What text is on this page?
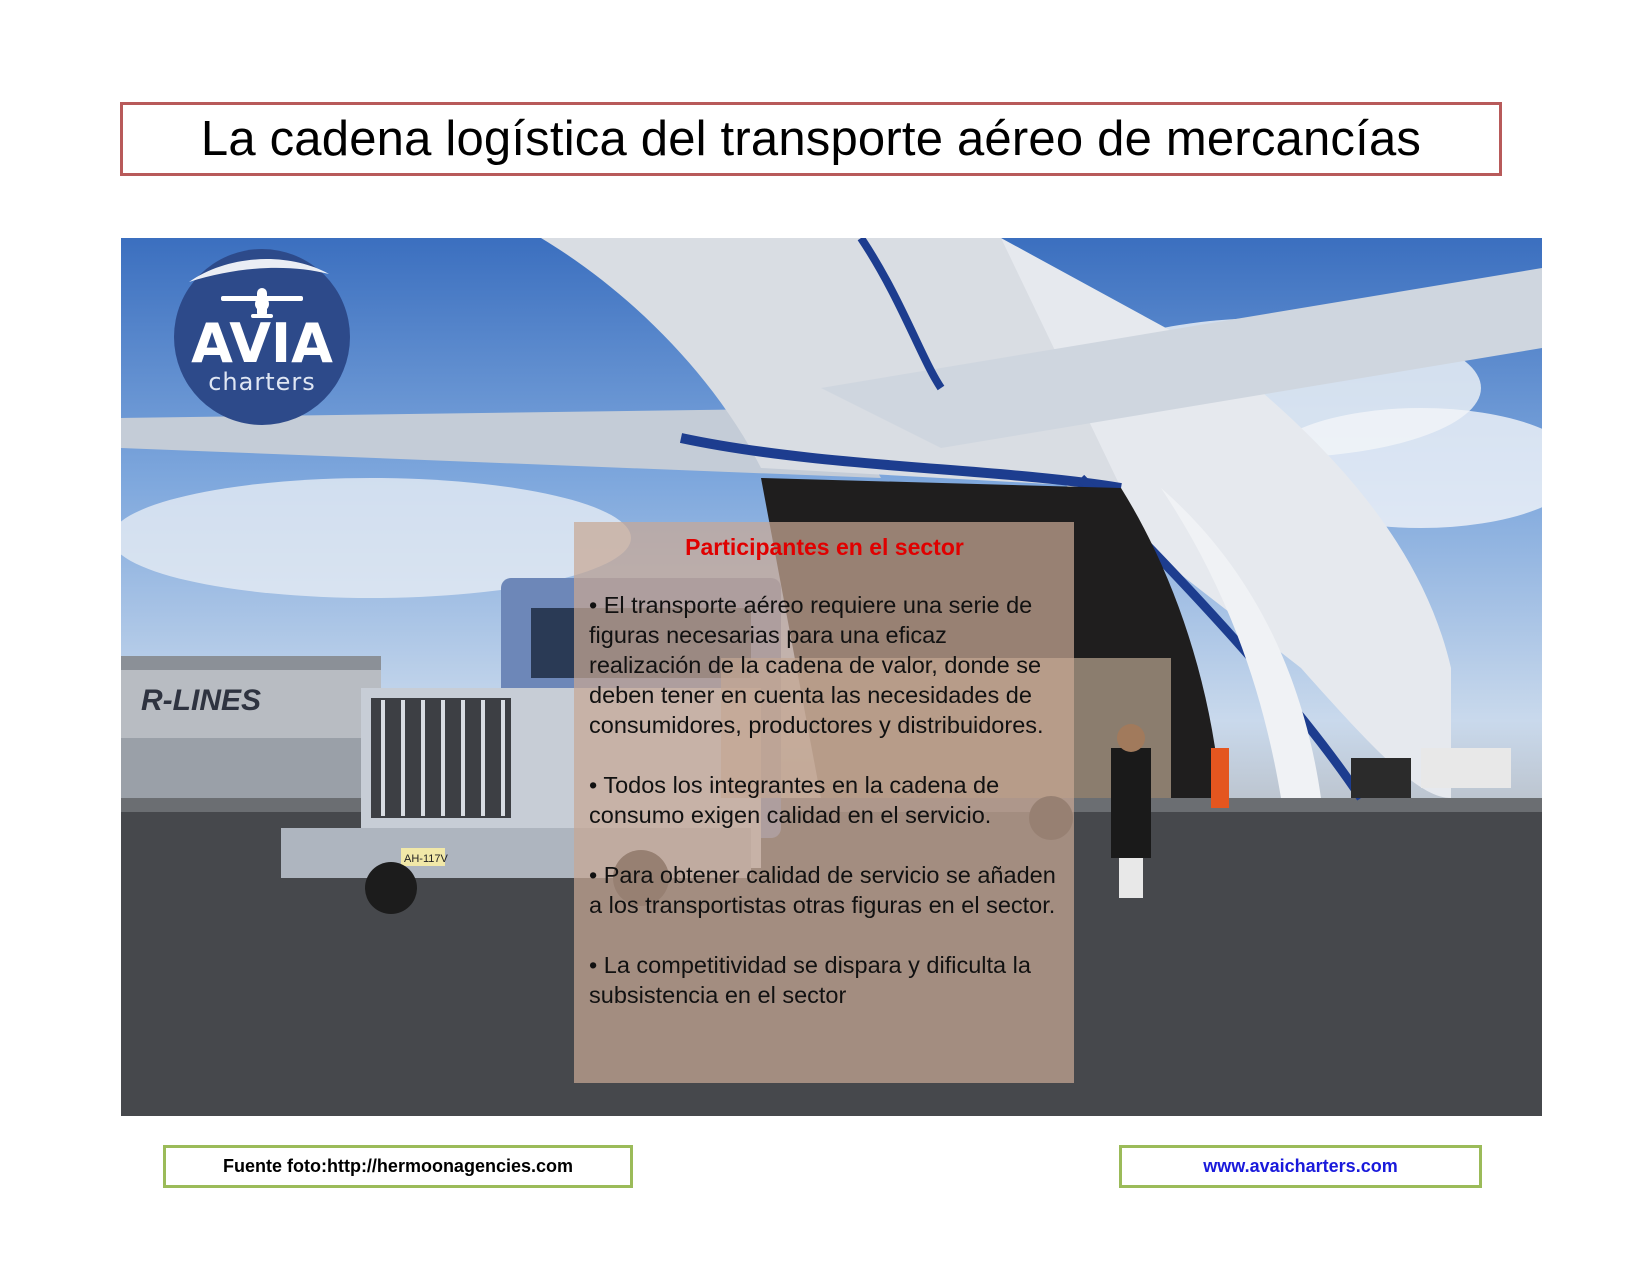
La cadena logística del transporte aéreo de mercancías
R-LINES
AH-117V
AVIA
charters
Participantes en el sector
• El transporte aéreo requiere una serie de figuras necesarias para una eficaz realización de la cadena de valor, donde se deben tener en cuenta las necesidades de consumidores, productores y distribuidores.
• Todos los integrantes en la cadena de consumo exigen calidad en el servicio.
• Para obtener calidad de servicio se añaden a los transportistas otras figuras en el sector.
• La competitividad se dispara y dificulta la subsistencia en el sector
Fuente foto:http://hermoonagencies.com	www.avaicharters.com
